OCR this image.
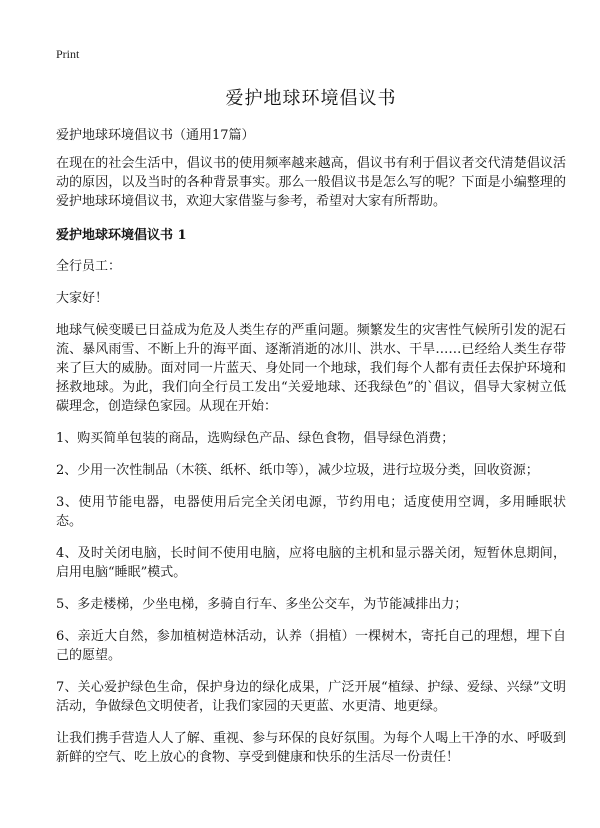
Print

爱护地球环境倡议书

爱护地球环境倡议书（通用17篇）

在现在的社会生活中，倡议书的使用频率越来越高，倡议书有利于倡议者交代清楚倡议活动的原因，以及当时的各种背景事实。那么一般倡议书是怎么写的呢？下面是小编整理的爱护地球环境倡议书，欢迎大家借鉴与参考，希望对大家有所帮助。

爱护地球环境倡议书 1

全行员工：

大家好！

地球气候变暖已日益成为危及人类生存的严重问题。频繁发生的灾害性气候所引发的泥石流、暴风雨雪、不断上升的海平面、逐渐消逝的冰川、洪水、干旱……已经给人类生存带来了巨大的威胁。面对同一片蓝天、身处同一个地球，我们每个人都有责任去保护环境和拯救地球。为此，我们向全行员工发出“关爱地球、还我绿色”的`倡议，倡导大家树立低碳理念，创造绿色家园。从现在开始：

1、购买简单包装的商品，选购绿色产品、绿色食物，倡导绿色消费；

2、少用一次性制品（木筷、纸杯、纸巾等），减少垃圾，进行垃圾分类，回收资源；

3、使用节能电器，电器使用后完全关闭电源，节约用电；适度使用空调，多用睡眠状态。

4、及时关闭电脑，长时间不使用电脑，应将电脑的主机和显示器关闭，短暂休息期间，启用电脑“睡眠”模式。

5、多走楼梯，少坐电梯，多骑自行车、多坐公交车，为节能减排出力；

6、亲近大自然，参加植树造林活动，认养（捐植）一棵树木，寄托自己的理想，埋下自己的愿望。

7、关心爱护绿色生命，保护身边的绿化成果，广泛开展“植绿、护绿、爱绿、兴绿”文明活动，争做绿色文明使者，让我们家园的天更蓝、水更清、地更绿。

让我们携手营造人人了解、重视、参与环保的良好氛围。为每个人喝上干净的水、呼吸到新鲜的空气、吃上放心的食物、享受到健康和快乐的生活尽一份责任！
